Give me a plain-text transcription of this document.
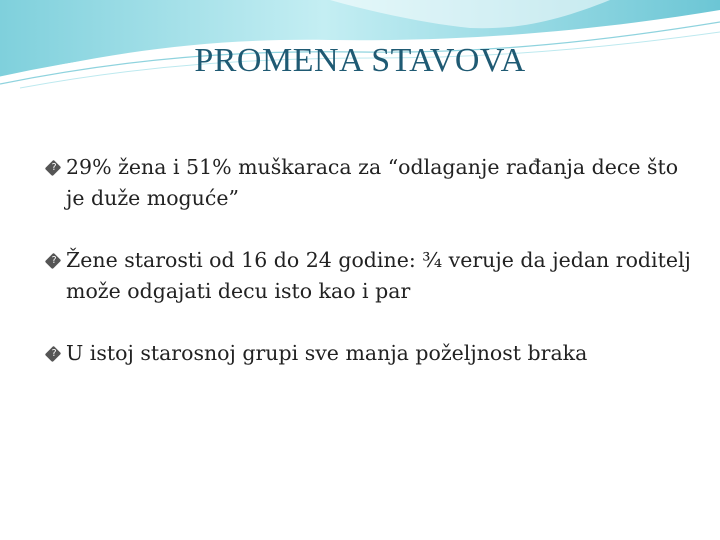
PROMENA STAVOVA
?
29% žena i 51% muškaraca za “odlaganje rađanja dece što je duže moguće”
?
Žene starosti od 16 do 24 godine: ¾ veruje da jedan roditelj može odgajati decu isto kao i par
?
U istoj starosnoj grupi sve manja poželjnost braka
